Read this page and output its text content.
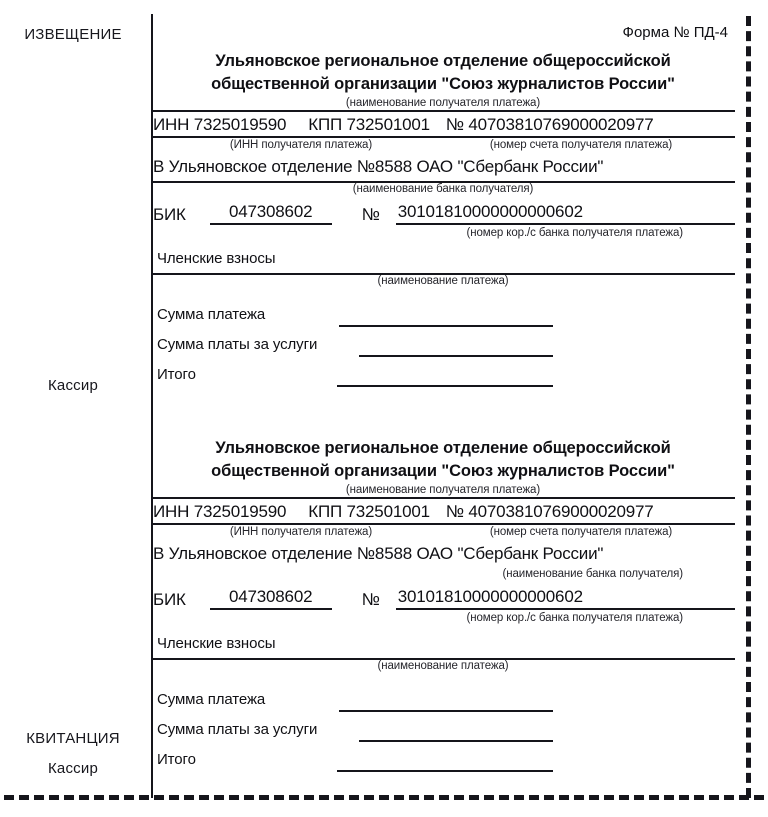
ИЗВЕЩЕНИЕ
Кассир
КВИТАНЦИЯ
Кассир
Форма № ПД-4
Ульяновское региональное отделение общероссийской
общественной организации "Союз журналистов России"
(наименование получателя платежа)
ИНН 7325019590 КПП 732501001 № 40703810769000020977
(ИНН получателя платежа)	(номер счета получателя платежа)
В Ульяновское отделение №8588 ОАО "Сбербанк России"
(наименование банка получателя)
БИК	047308602	№ 30101810000000000602
(номер кор./с банка получателя платежа)
Членские взносы
(наименование платежа)
Сумма платежа
Сумма платы за услуги
Итого
Ульяновское региональное отделение общероссийской
общественной организации "Союз журналистов России"
(наименование получателя платежа)
ИНН 7325019590 КПП 732501001 № 40703810769000020977
(ИНН получателя платежа)	(номер счета получателя платежа)
В Ульяновское отделение №8588 ОАО "Сбербанк России"
(наименование банка получателя)
БИК	047308602	№ 30101810000000000602
(номер кор./с банка получателя платежа)
Членские взносы
(наименование платежа)
Сумма платежа
Сумма платы за услуги
Итого
